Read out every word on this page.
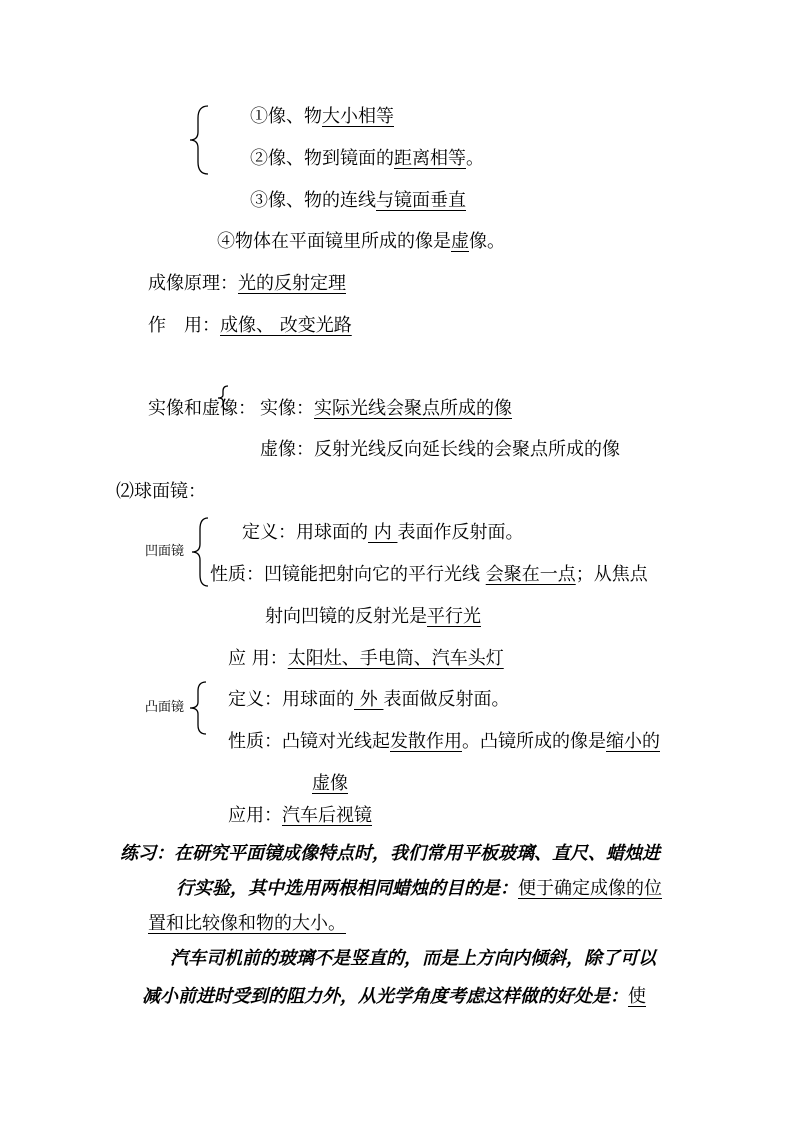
①像、物大小相等
②像、物到镜面的距离相等。
③像、物的连线与镜面垂直
④物体在平面镜里所成的像是虚像。
成像原理：光的反射定理
作　用：成像、 改变光路
实像和虚像： 实像：实际光线会聚点所成的像
虚像：反射光线反向延长线的会聚点所成的像
⑵球面镜：
凹面镜
定义：用球面的 内 表面作反射面。
性质：凹镜能把射向它的平行光线 会聚在一点；从焦点
射向凹镜的反射光是平行光
应 用：太阳灶、手电筒、汽车头灯
凸面镜 定义：用球面的 外 表面做反射面。
性质：凸镜对光线起发散作用。凸镜所成的像是缩小的
虚像
应用：汽车后视镜
练习：在研究平面镜成像特点时，我们常用平板玻璃、直尺、蜡烛进
行实验，其中选用两根相同蜡烛的目的是：便于确定成像的位
置和比较像和物的大小。
汽车司机前的玻璃不是竖直的，而是上方向内倾斜，除了可以
减小前进时受到的阻力外，从光学角度考虑这样做的好处是：使
